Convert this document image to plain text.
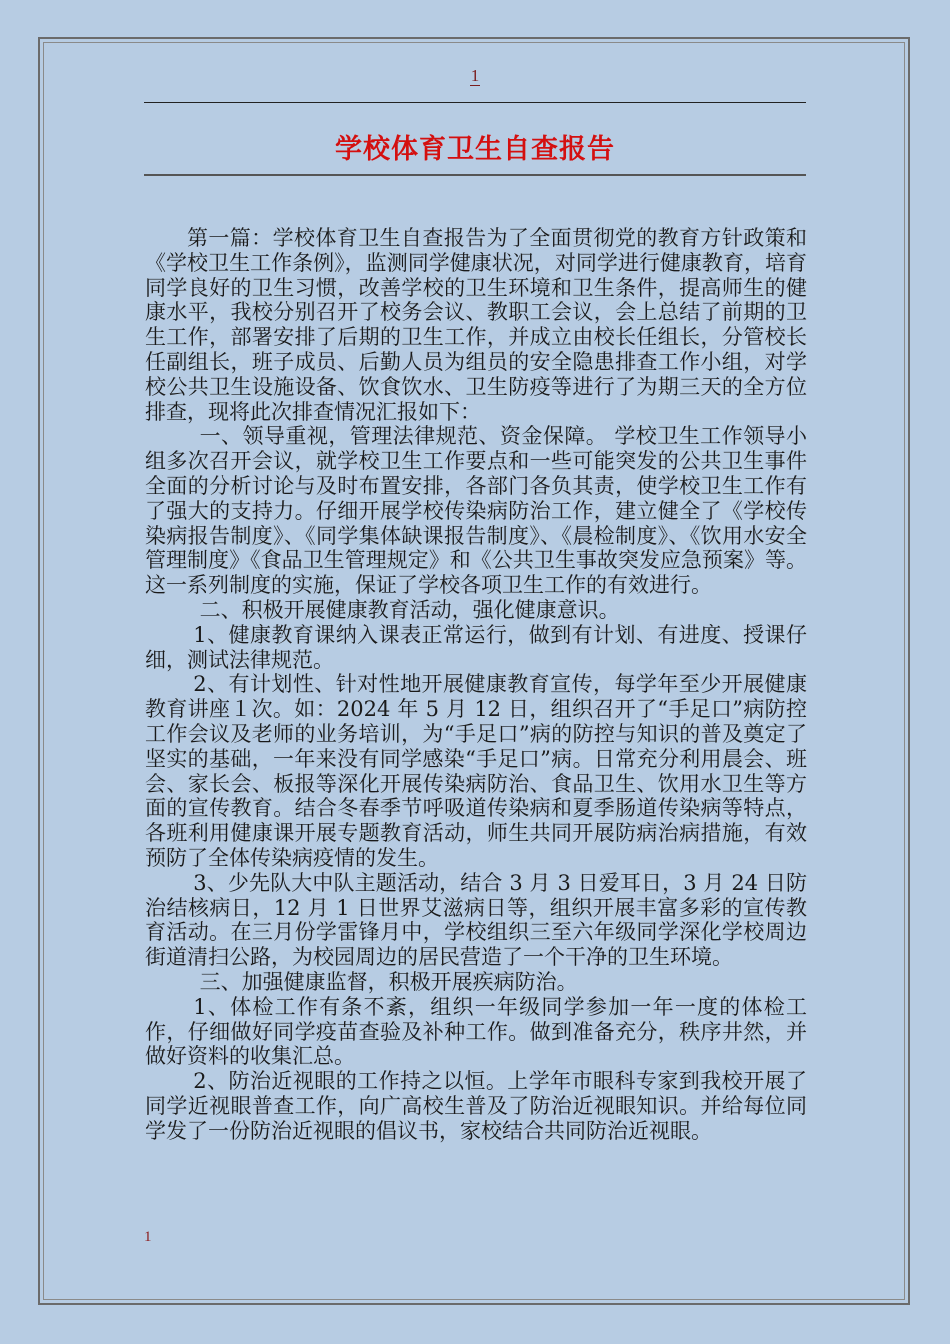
1
学校体育卫生自查报告

第一篇：学校体育卫生自查报告为了全面贯彻党的教育方针政策和《学校卫生工作条例》，监测同学健康状况，对同学进行健康教育，培育同学良好的卫生习惯，改善学校的卫生环境和卫生条件，提高师生的健康水平，我校分别召开了校务会议、教职工会议，会上总结了前期的卫生工作，部署安排了后期的卫生工作，并成立由校长任组长，分管校长任副组长，班子成员、后勤人员为组员的安全隐患排查工作小组，对学校公共卫生设施设备、饮食饮水、卫生防疫等进行了为期三天的全方位排查，现将此次排查情况汇报如下：

一、领导重视，管理法律规范、资金保障。 学校卫生工作领导小组多次召开会议，就学校卫生工作要点和一些可能突发的公共卫生事件全面的分析讨论与及时布置安排，各部门各负其责，使学校卫生工作有了强大的支持力。仔细开展学校传染病防治工作，建立健全了《学校传染病报告制度》、《同学集体缺课报告制度》、《晨检制度》、《饮用水安全管理制度》《食品卫生管理规定》和《公共卫生事故突发应急预案》等。这一系列制度的实施，保证了学校各项卫生工作的有效进行。

二、积极开展健康教育活动，强化健康意识。

1、健康教育课纳入课表正常运行，做到有计划、有进度、授课仔细，测试法律规范。

2、有计划性、针对性地开展健康教育宣传，每学年至少开展健康教育讲座１次。如：2024 年 5 月 12 日，组织召开了“手足口”病防控工作会议及老师的业务培训，为“手足口”病的防控与知识的普及奠定了坚实的基础，一年来没有同学感染“手足口”病。日常充分利用晨会、班会、家长会、板报等深化开展传染病防治、食品卫生、饮用水卫生等方面的宣传教育。结合冬春季节呼吸道传染病和夏季肠道传染病等特点，各班利用健康课开展专题教育活动，师生共同开展防病治病措施，有效预防了全体传染病疫情的发生。

3、少先队大中队主题活动，结合 3 月 3 日爱耳日，3 月 24 日防治结核病日，12 月 1 日世界艾滋病日等，组织开展丰富多彩的宣传教育活动。在三月份学雷锋月中，学校组织三至六年级同学深化学校周边街道清扫公路，为校园周边的居民营造了一个干净的卫生环境。

三、加强健康监督，积极开展疾病防治。

1、体检工作有条不紊，组织一年级同学参加一年一度的体检工作，仔细做好同学疫苗查验及补种工作。做到准备充分，秩序井然，并做好资料的收集汇总。

2、防治近视眼的工作持之以恒。上学年市眼科专家到我校开展了同学近视眼普查工作，向广高校生普及了防治近视眼知识。并给每位同学发了一份防治近视眼的倡议书，家校结合共同防治近视眼。

1
